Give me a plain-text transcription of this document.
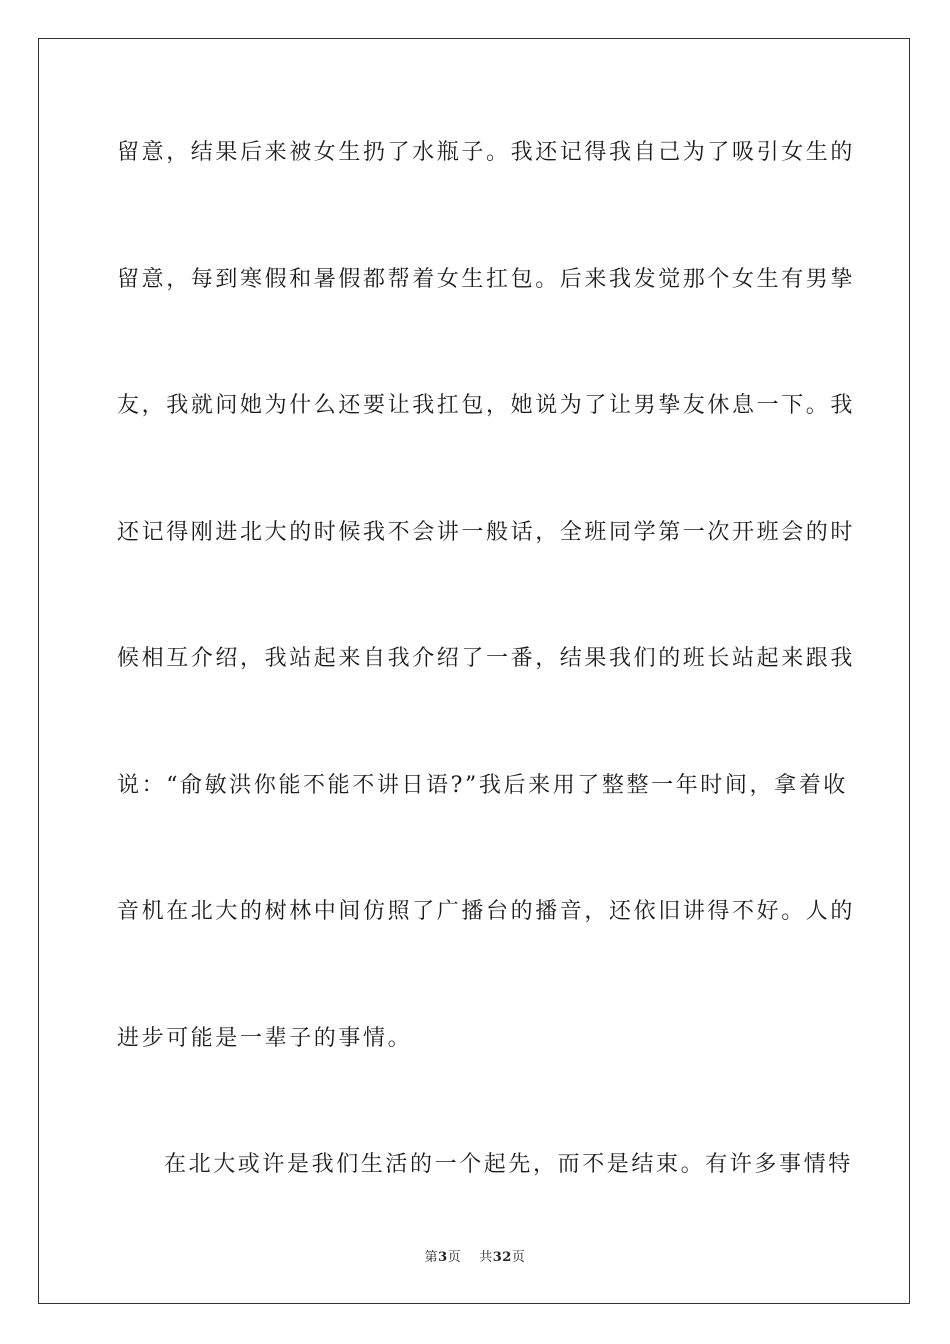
留意，结果后来被女生扔了水瓶子。我还记得我自己为了吸引女生的
留意，每到寒假和暑假都帮着女生扛包。后来我发觉那个女生有男挚
友，我就问她为什么还要让我扛包，她说为了让男挚友休息一下。我
还记得刚进北大的时候我不会讲一般话，全班同学第一次开班会的时
候相互介绍，我站起来自我介绍了一番，结果我们的班长站起来跟我
说：“俞敏洪你能不能不讲日语?”我后来用了整整一年时间，拿着收
音机在北大的树林中间仿照了广播台的播音，还依旧讲得不好。人的
进步可能是一辈子的事情。
在北大或许是我们生活的一个起先，而不是结束。有许多事情特
第3页 共32页
